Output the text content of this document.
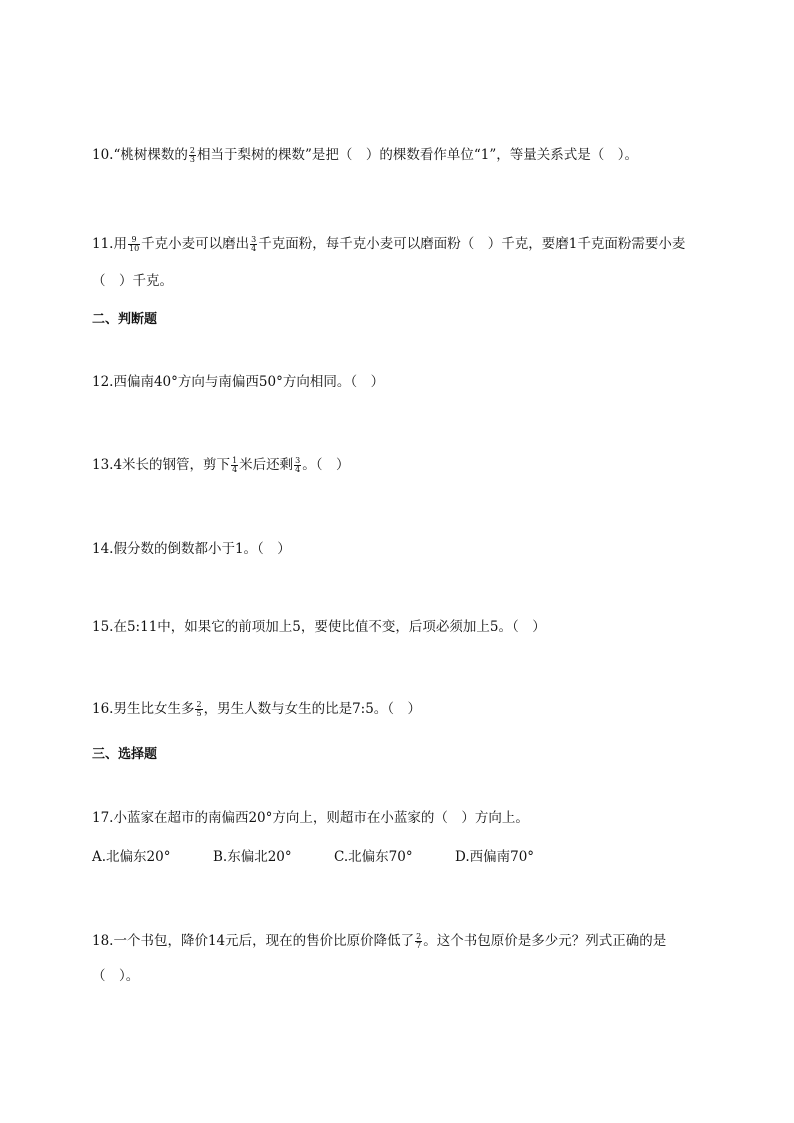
10.“桃树棵数的 $\frac{2}{3}$ 相当于梨树的棵数”是把（　）的棵数看作单位“1”，等量关系式是（　）。
11.用 $\frac{9}{10}$ 千克小麦可以磨出 $\frac{3}{4}$ 千克面粉，每千克小麦可以磨面粉（　）千克，要磨1千克面粉需要小麦
（　）千克。
二、判断题
12.西偏南40°方向与南偏西50°方向相同。（　）
13.4米长的钢管，剪下 $\frac{1}{4}$ 米后还剩 $\frac{3}{4}$ 。（　）
14.假分数的倒数都小于1。（　）
15.在5:11中，如果它的前项加上5，要使比值不变，后项必须加上5。（　）
16.男生比女生多 $\frac{2}{5}$ ，男生人数与女生的比是7:5。（　）
三、选择题
17.小蓝家在超市的南偏西20°方向上，则超市在小蓝家的（　）方向上。
A.北偏东20°	B.东偏北20°	C.北偏东70°	D.西偏南70°
18.一个书包，降价14元后，现在的售价比原价降低了 $\frac{2}{7}$ 。这个书包原价是多少元？列式正确的是
（　）。
